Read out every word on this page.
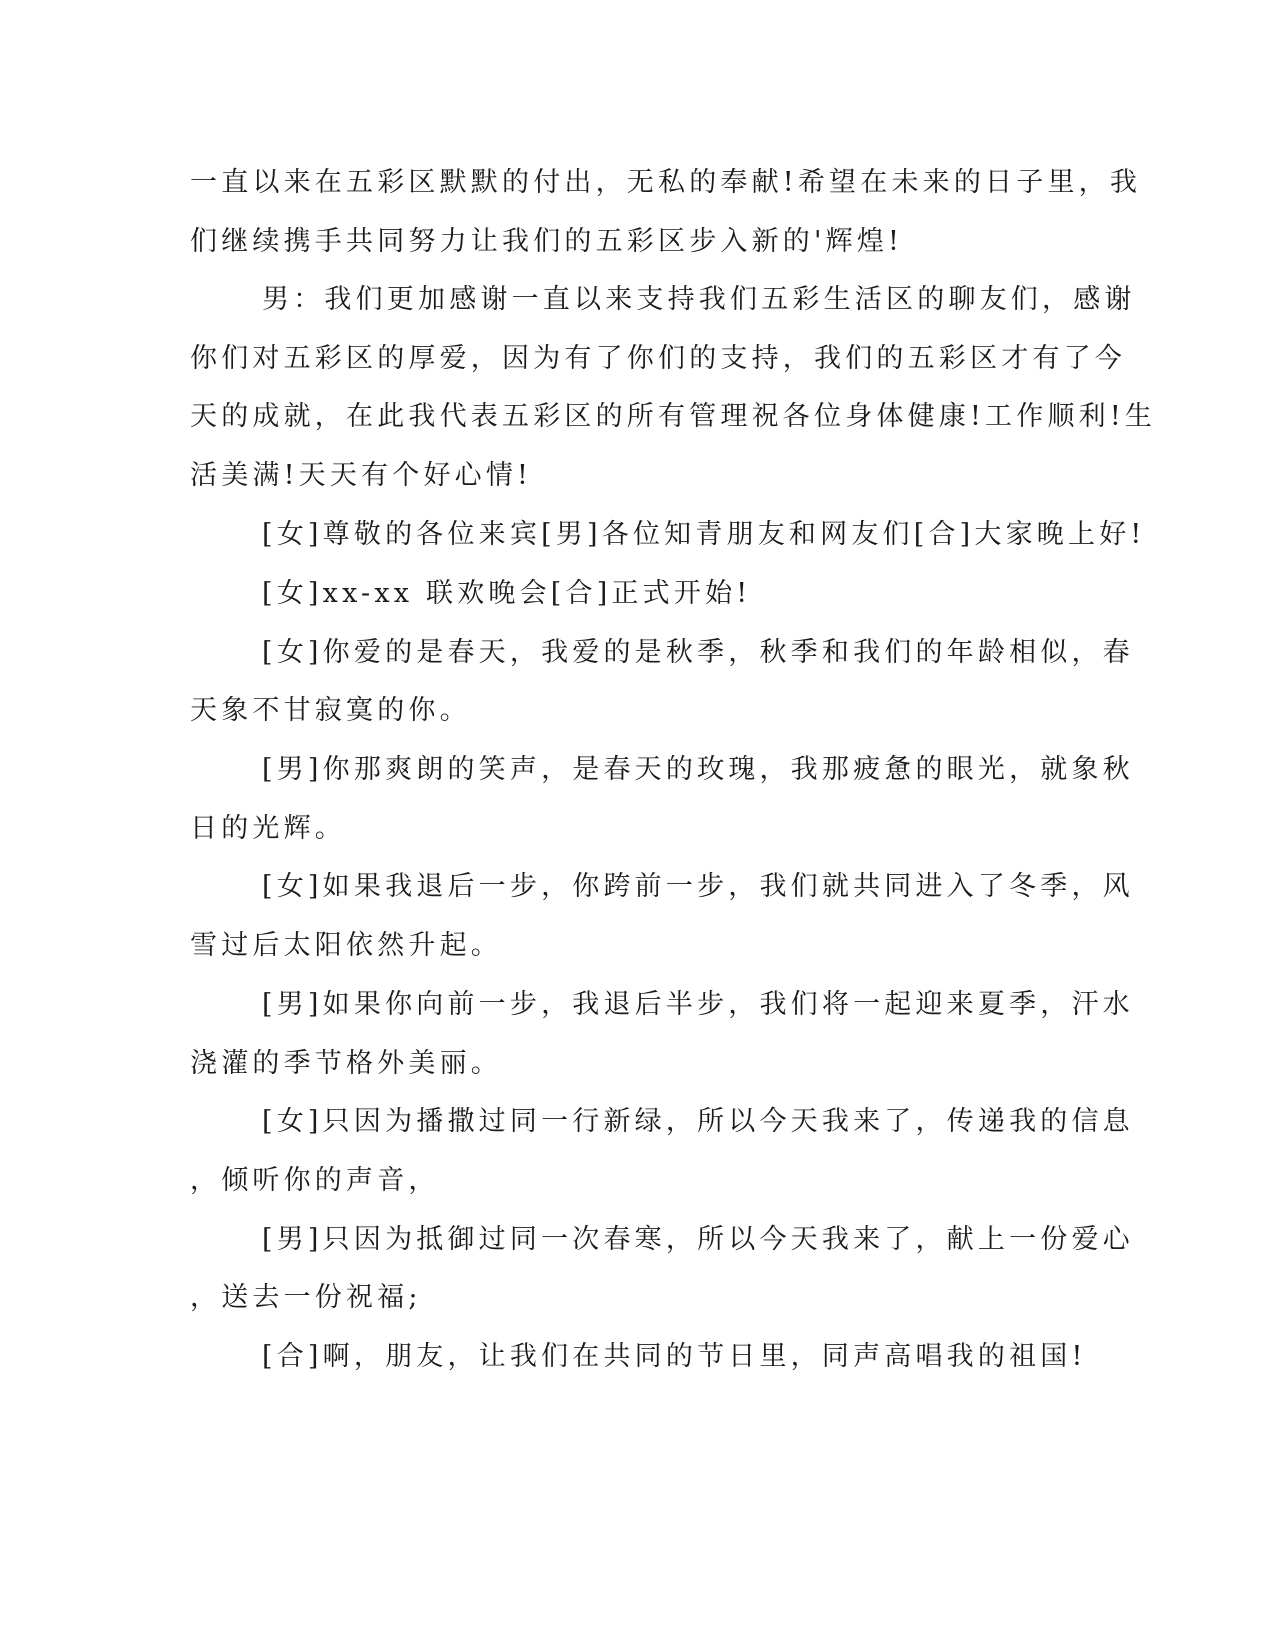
一直以来在五彩区默默的付出，无私的奉献!希望在未来的日子里，我
们继续携手共同努力让我们的五彩区步入新的'辉煌!
男：我们更加感谢一直以来支持我们五彩生活区的聊友们，感谢
你们对五彩区的厚爱，因为有了你们的支持，我们的五彩区才有了今
天的成就，在此我代表五彩区的所有管理祝各位身体健康!工作顺利!生
活美满!天天有个好心情!
[女]尊敬的各位来宾[男]各位知青朋友和网友们[合]大家晚上好!
[女]xx-xx 联欢晚会[合]正式开始!
[女]你爱的是春天，我爱的是秋季，秋季和我们的年龄相似，春
天象不甘寂寞的你。
[男]你那爽朗的笑声，是春天的玫瑰，我那疲惫的眼光，就象秋
日的光辉。
[女]如果我退后一步，你跨前一步，我们就共同进入了冬季，风
雪过后太阳依然升起。
[男]如果你向前一步，我退后半步，我们将一起迎来夏季，汗水
浇灌的季节格外美丽。
[女]只因为播撒过同一行新绿，所以今天我来了，传递我的信息
，倾听你的声音，
[男]只因为抵御过同一次春寒，所以今天我来了，献上一份爱心
，送去一份祝福;
[合]啊，朋友，让我们在共同的节日里，同声高唱我的祖国!
